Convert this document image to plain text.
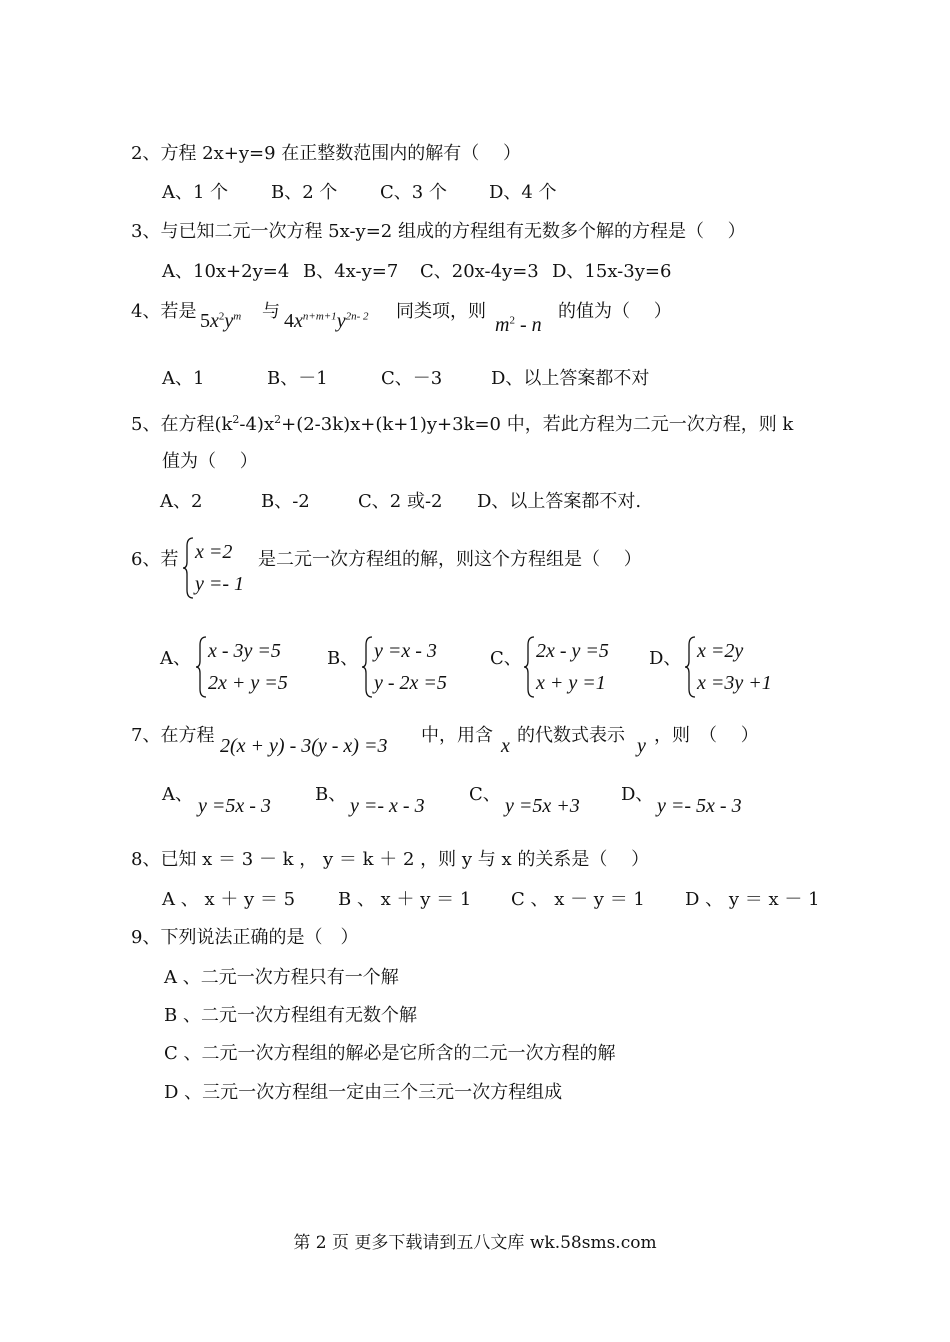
2、方程 2x+y=9 在正整数范围内的解有（　 ）
A、1 个 B、2 个 C、3 个 D、4 个
3、与已知二元一次方程 5x-y=2 组成的方程组有无数多个解的方程是（　 ）
A、10x+2y=4 B、4x-y=7 C、20x-4y=3 D、15x-3y=6
4、若是 $5x^2y^m$ 与 $4x^{n+m+1}y^{2n- 2}$ 同类项，则
$m^2$ - n
的值为（　 ）
A、1	B、－1	C、－3	D、以上答案都不对
5、在方程$(k^2-4)x^2+(2-3k)x+(k+1)y+3k=0$ 中，若此方程为二元一次方程，则 k
值为（　 ）
A、2	B、-2	C、2 或-2 D、以上答案都不对.
6、若 x =2
y =- 1
是二元一次方程组的解，则这个方程组是（　 ）
A、 x - 3y =5
2x + y =5
B、 y =x - 3
y - 2x =5
C、 2x - y =5
x + y =1
D、 x =2y
x =3y +1
7、在方程 2(x + y) - 3(y - x) =3 中，用含 x 的代数式表示 y ，则　（　 ）
A、
y =5x - 3
B、
y =- x - 3
C、
y =5x +3
D、
y =- 5x - 3
8、已知 x ＝ 3 － k ， y ＝ k ＋ 2 ，则 y 与 x 的关系是（　 ）
A 、 x ＋ y ＝ 5 B 、 x ＋ y ＝ 1 C 、 x － y ＝ 1 D 、 y ＝ x － 1
9、下列说法正确的是（　）
A 、二元一次方程只有一个解
B 、二元一次方程组有无数个解
C 、二元一次方程组的解必是它所含的二元一次方程的解
D 、三元一次方程组一定由三个三元一次方程组成
第 2 页 更多下载请到五八文库 wk.58sms.com
